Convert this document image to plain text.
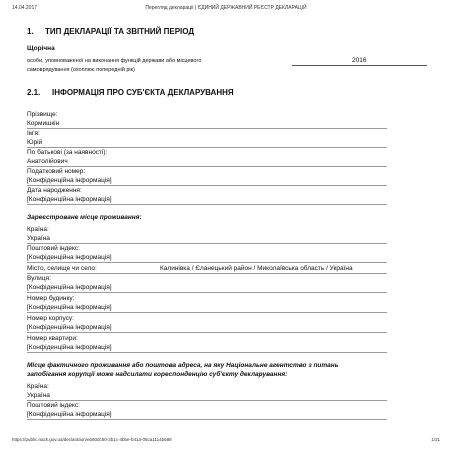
14.04.2017	Перегляд декларації | ЄДИНИЙ ДЕРЖАВНИЙ РЕЄСТР ДЕКЛАРАЦІЙ
1. ТИП ДЕКЛАРАЦІЇ ТА ЗВІТНИЙ ПЕРІОД
Щорічна
особи, уповноваженої на виконання функцій держави або місцевого
самоврядування (охоплює попередній рік)
2016
2.1. ІНФОРМАЦІЯ ПРО СУБ'ЄКТА ДЕКЛАРУВАННЯ
Прізвище:
Кормишкін
Ім'я:
Юрій
По батькові (за наявності):
Анатолійович
Податковий номер:
[Конфіденційна інформація]
Дата народження:
[Конфіденційна інформація]
Зареєстроване місце проживання:
Країна:
Україна
Поштовий індекс:
[Конфіденційна інформація]
Місто, селище чи село:	Калинівка / Єланецький район / Миколаївська область / Україна
Вулиця:
[Конфіденційна інформація]
Номер будинку:
[Конфіденційна інформація]
Номер корпусу:
[Конфіденційна інформація]
Номер квартири:
[Конфіденційна інформація]
Місце фактичного проживання або поштова адреса, на яку Національне агентство з питань
запобігання корупції може надсилати кореспонденцію суб'єкту декларування:
Країна:
Україна
Поштовий індекс:
[Конфіденційна інформація]
https://public.nazk.gov.ua/declaration/eb80dc50-2b1c-4bbe-b41a-05ca1114b688	1/31
